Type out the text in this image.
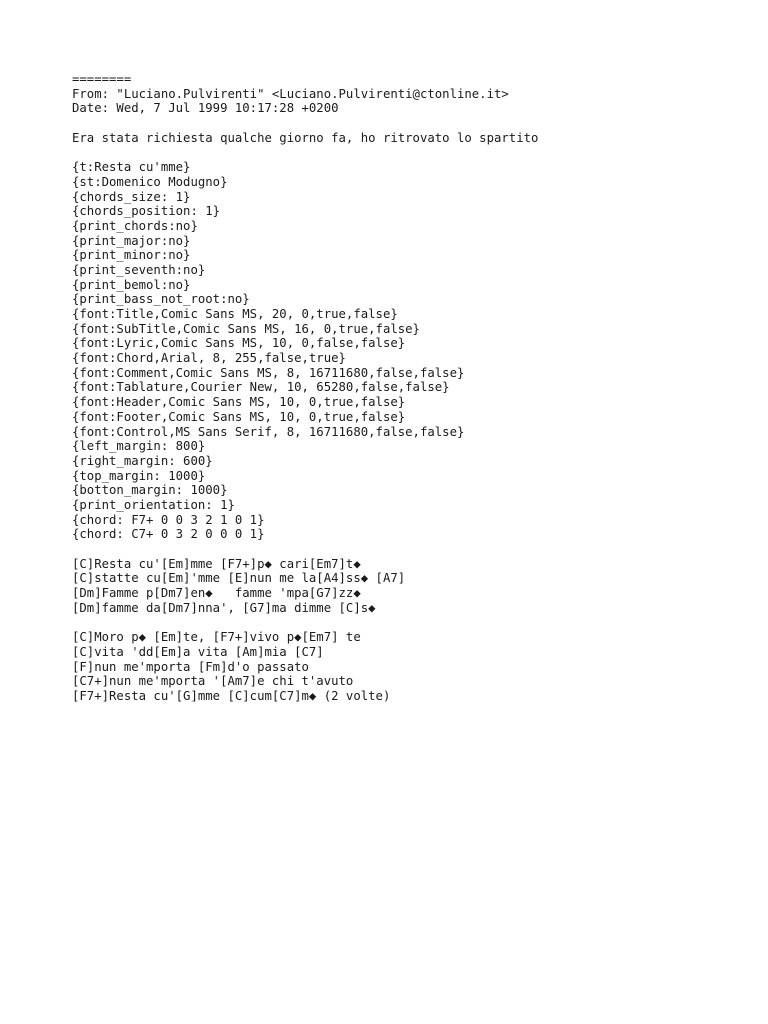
========
From: "Luciano.Pulvirenti" <Luciano.Pulvirenti@ctonline.it>
Date: Wed, 7 Jul 1999 10:17:28 +0200
Era stata richiesta qualche giorno fa, ho ritrovato lo spartito
{t:Resta cu'mme}
{st:Domenico Modugno}
{chords_size: 1}
{chords_position: 1}
{print_chords:no}
{print_major:no}
{print_minor:no}
{print_seventh:no}
{print_bemol:no}
{print_bass_not_root:no}
{font:Title,Comic Sans MS, 20, 0,true,false}
{font:SubTitle,Comic Sans MS, 16, 0,true,false}
{font:Lyric,Comic Sans MS, 10, 0,false,false}
{font:Chord,Arial, 8, 255,false,true}
{font:Comment,Comic Sans MS, 8, 16711680,false,false}
{font:Tablature,Courier New, 10, 65280,false,false}
{font:Header,Comic Sans MS, 10, 0,true,false}
{font:Footer,Comic Sans MS, 10, 0,true,false}
{font:Control,MS Sans Serif, 8, 16711680,false,false}
{left_margin: 800}
{right_margin: 600}
{top_margin: 1000}
{botton_margin: 1000}
{print_orientation: 1}
{chord: F7+ 0 0 3 2 1 0 1}
{chord: C7+ 0 3 2 0 0 0 1}
[C]Resta cu'[Em]mme [F7+]p◆ cari[Em7]t◆
[C]statte cu[Em]'mme [E]nun me la[A4]ss◆ [A7]
[Dm]Famme p[Dm7]en◆   famme 'mpa[G7]zz◆
[Dm]famme da[Dm7]nna', [G7]ma dimme [C]s◆
[C]Moro p◆ [Em]te, [F7+]vivo p◆[Em7] te
[C]vita 'dd[Em]a vita [Am]mia [C7]
[F]nun me'mporta [Fm]d'o passato
[C7+]nun me'mporta '[Am7]e chi t'avuto
[F7+]Resta cu'[G]mme [C]cum[C7]m◆ (2 volte)
